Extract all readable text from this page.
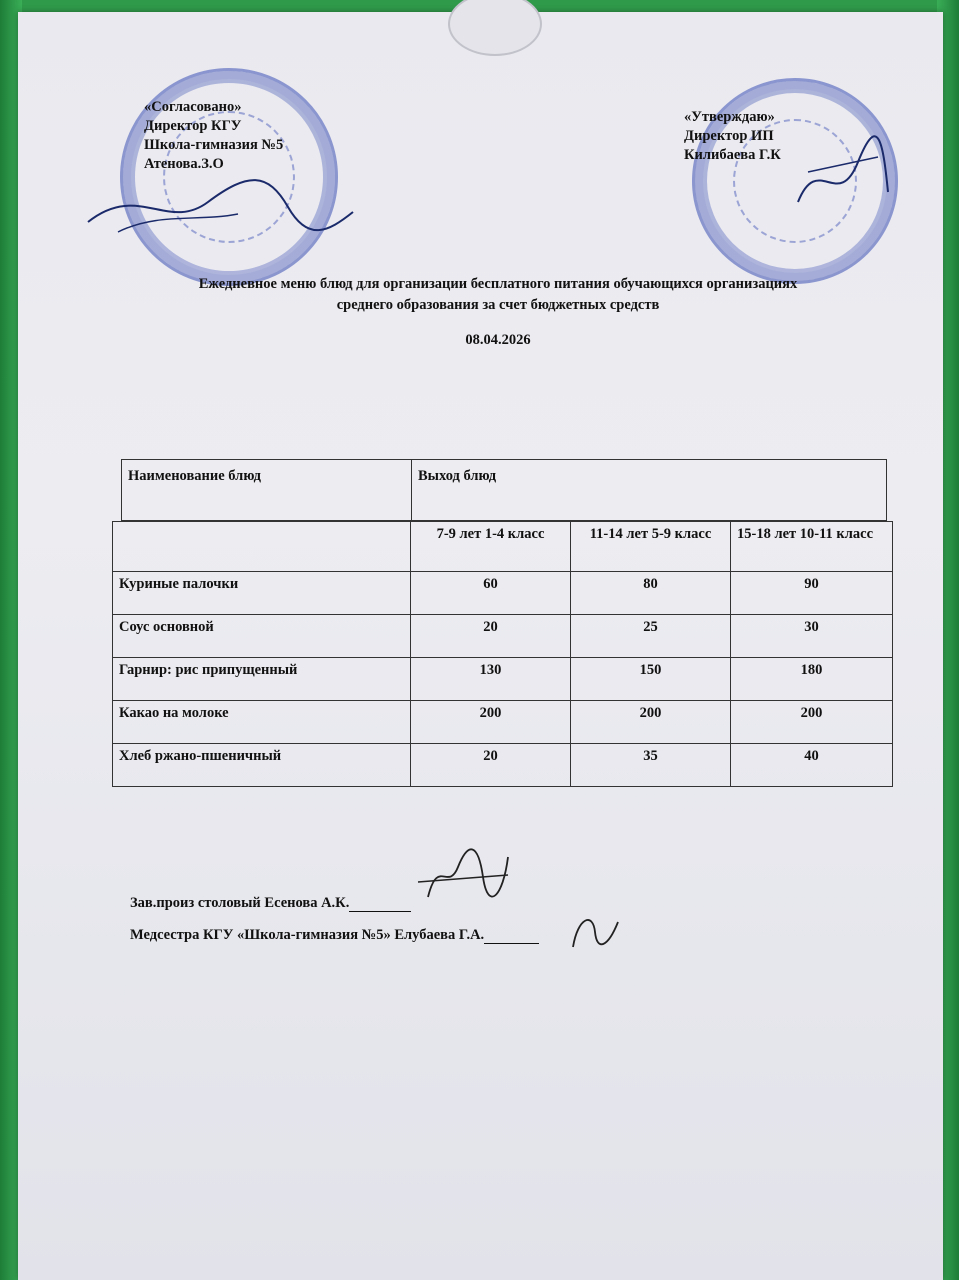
«Согласовано»
Директор КГУ
Школа-гимназия №5
Атенова.З.О
«Утверждаю»
Директор ИП
Килибаева Г.К
Ежедневное меню блюд для организации бесплатного питания обучающихся организациях
среднего образования за счет бюджетных средств
08.04.2026
Наименование блюд	Выход блюд
	7-9 лет 1-4 класс	11-14 лет 5-9 класс	15-18 лет 10-11 класс
Куриные палочки	60	80	90
Соус основной	20	25	30
Гарнир: рис припущенный	130	150	180
Какао на молоке	200	200	200
Хлеб ржано-пшеничный	20	35	40
Зав.произ столовый Есенова А.К.
Медсестра КГУ «Школа-гимназия №5» Елубаева Г.А.
